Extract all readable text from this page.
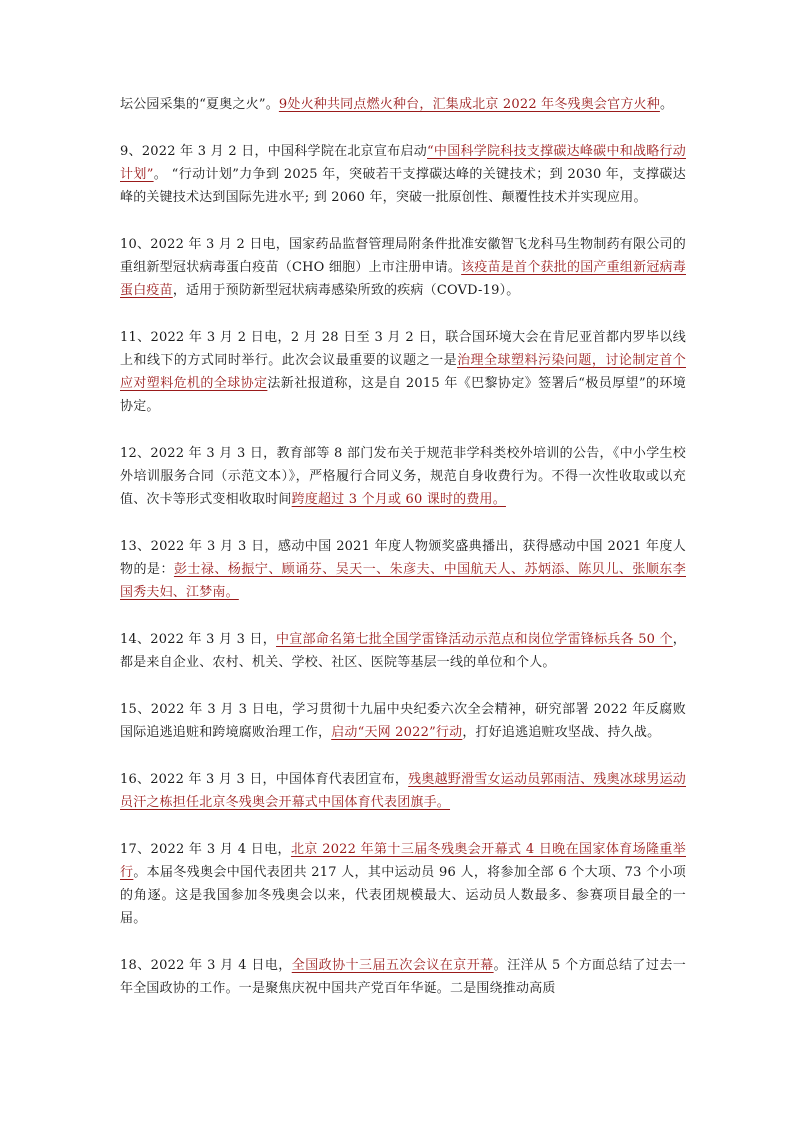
坛公园采集的“夏奥之火”。9处火种共同点燃火种台，汇集成北京 2022 年冬残奥会官方火种。

9、2022 年 3 月 2 日，中国科学院在北京宣布启动“中国科学院科技支撑碳达峰碳中和战略行动计划”。 “行动计划”力争到 2025 年，突破若干支撑碳达峰的关键技术；到 2030 年，支撑碳达峰的关键技术达到国际先进水平; 到 2060 年，突破一批原创性、颠覆性技术并实现应用。

10、2022 年 3 月 2 日电，国家药品监督管理局附条件批准安徽智飞龙科马生物制药有限公司的重组新型冠状病毒蛋白疫苗（CHO 细胞）上市注册申请。该疫苗是首个获批的国产重组新冠病毒蛋白疫苗，适用于预防新型冠状病毒感染所致的疾病（COVD-19）。

11、2022 年 3 月 2 日电，2 月 28 日至 3 月 2 日，联合国环境大会在肯尼亚首都内罗毕以线上和线下的方式同时举行。此次会议最重要的议题之一是治理全球塑料污染问题，讨论制定首个应对塑料危机的全球协定法新社报道称，这是自 2015 年《巴黎协定》签署后“极员厚望”的环境协定。

12、2022 年 3 月 3 日，教育部等 8 部门发布关于规范非学科类校外培训的公告，《中小学生校外培训服务合同（示范文本）》，严格履行合同义务，规范自身收费行为。不得一次性收取或以充值、次卡等形式变相收取时间跨度超过 3 个月或 60 课时的费用。

13、2022 年 3 月 3 日，感动中国 2021 年度人物颁奖盛典播出，获得感动中国 2021 年度人物的是：彭士禄、杨振宁、顾诵芬、吴天一、朱彦夫、中国航天人、苏炳添、陈贝儿、张顺东李国秀夫妇、江梦南。

14、2022 年 3 月 3 日，中宣部命名第七批全国学雷锋活动示范点和岗位学雷锋标兵各 50 个，都是来自企业、农村、机关、学校、社区、医院等基层一线的单位和个人。

15、2022 年 3 月 3 日电，学习贯彻十九届中央纪委六次全会精神，研究部署 2022 年反腐败国际追逃追赃和跨境腐败治理工作，启动“天网 2022”行动，打好追逃追赃攻坚战、持久战。

16、2022 年 3 月 3 日，中国体育代表团宣布，残奥越野滑雪女运动员郭雨洁、残奥冰球男运动员汗之栋担任北京冬残奥会开幕式中国体育代表团旗手。

17、2022 年 3 月 4 日电，北京 2022 年第十三届冬残奥会开幕式 4 日晚在国家体育场隆重举行。本届冬残奥会中国代表团共 217 人，其中运动员 96 人，将参加全部 6 个大项、73 个小项的角逐。这是我国参加冬残奥会以来，代表团规模最大、运动员人数最多、参赛项目最全的一届。

18、2022 年 3 月 4 日电，全国政协十三届五次会议在京开幕。汪洋从 5 个方面总结了过去一年全国政协的工作。一是聚焦庆祝中国共产党百年华诞。二是围绕推动高质
